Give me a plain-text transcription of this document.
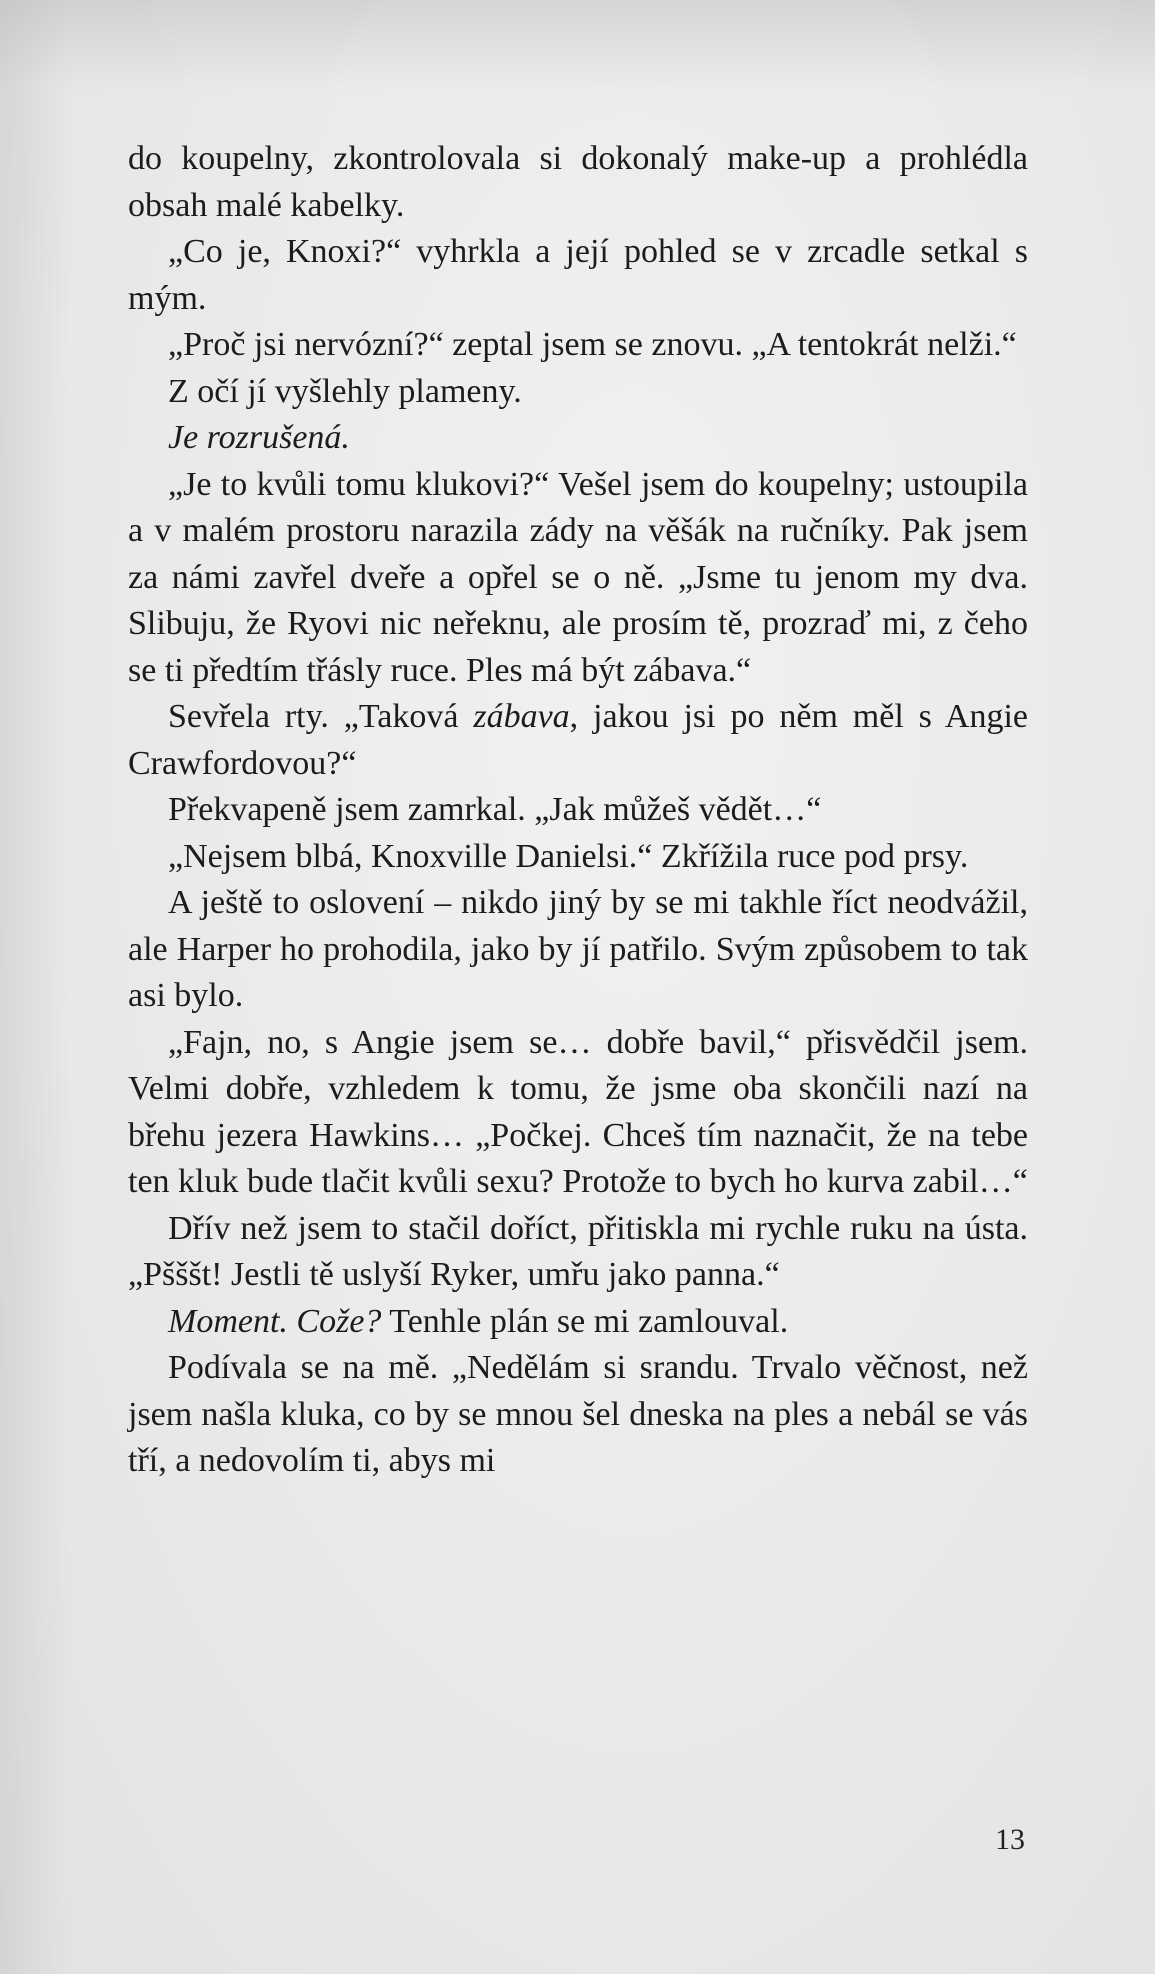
do koupelny, zkontrolovala si dokonalý make-up a prohlédla obsah malé kabelky.

„Co je, Knoxi?“ vyhrkla a její pohled se v zrcadle setkal s mým.

„Proč jsi nervózní?“ zeptal jsem se znovu. „A tentokrát nelži.“

Z očí jí vyšlehly plameny.

Je rozrušená.

„Je to kvůli tomu klukovi?“ Vešel jsem do koupelny; ustoupila a v malém prostoru narazila zády na věšák na ručníky. Pak jsem za námi zavřel dveře a opřel se o ně. „Jsme tu jenom my dva. Slibuju, že Ryovi nic neřeknu, ale prosím tě, prozraď mi, z čeho se ti předtím třásly ruce. Ples má být zábava.“

Sevřela rty. „Taková zábava, jakou jsi po něm měl s Angie Crawfordovou?“

Překvapeně jsem zamrkal. „Jak můžeš vědět…“

„Nejsem blbá, Knoxville Danielsi.“ Zkřížila ruce pod prsy.

A ještě to oslovení – nikdo jiný by se mi takhle říct neodvážil, ale Harper ho prohodila, jako by jí patřilo. Svým způsobem to tak asi bylo.

„Fajn, no, s Angie jsem se… dobře bavil,“ přisvědčil jsem. Velmi dobře, vzhledem k tomu, že jsme oba skončili nazí na břehu jezera Hawkins… „Počkej. Chceš tím naznačit, že na tebe ten kluk bude tlačit kvůli sexu? Protože to bych ho kurva zabil…“

Dřív než jsem to stačil doříct, přitiskla mi rychle ruku na ústa. „Pšššt! Jestli tě uslyší Ryker, umřu jako panna.“

Moment. Cože? Tenhle plán se mi zamlouval.

Podívala se na mě. „Nedělám si srandu. Trvalo věčnost, než jsem našla kluka, co by se mnou šel dneska na ples a nebál se vás tří, a nedovolím ti, abys mi

13
